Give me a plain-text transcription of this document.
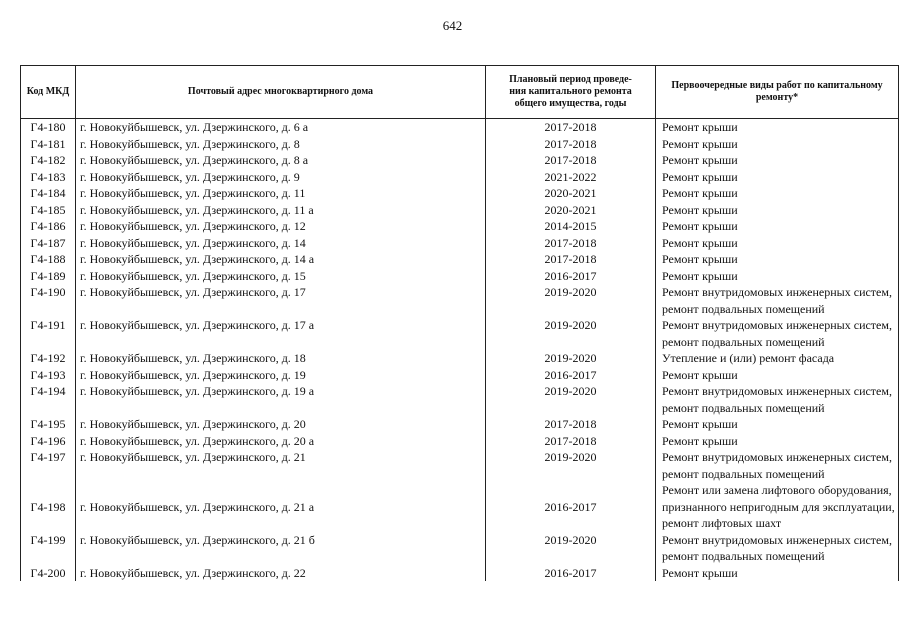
642
Код МКД	Почтовый адрес многоквартирного дома	Плановый период проведе-
ния капитального ремонта
общего имущества, годы	Первоочередные виды работ по капитальному
ремонту*
Г4-180	г. Новокуйбышевск, ул. Дзержинского, д. 6 а	2017-2018	Ремонт крыши

Г4-181	г. Новокуйбышевск, ул. Дзержинского, д. 8	2017-2018	Ремонт крыши

Г4-182	г. Новокуйбышевск, ул. Дзержинского, д. 8 а	2017-2018	Ремонт крыши

Г4-183	г. Новокуйбышевск, ул. Дзержинского, д. 9	2021-2022	Ремонт крыши

Г4-184	г. Новокуйбышевск, ул. Дзержинского, д. 11	2020-2021	Ремонт крыши

Г4-185	г. Новокуйбышевск, ул. Дзержинского, д. 11 а	2020-2021	Ремонт крыши

Г4-186	г. Новокуйбышевск, ул. Дзержинского, д. 12	2014-2015	Ремонт крыши

Г4-187	г. Новокуйбышевск, ул. Дзержинского, д. 14	2017-2018	Ремонт крыши

Г4-188	г. Новокуйбышевск, ул. Дзержинского, д. 14 а	2017-2018	Ремонт крыши

Г4-189	г. Новокуйбышевск, ул. Дзержинского, д. 15	2016-2017	Ремонт крыши

Г4-190	г. Новокуйбышевск, ул. Дзержинского, д. 17	2019-2020	Ремонт внутридомовых инженерных систем,
ремонт подвальных помещений

Г4-191	г. Новокуйбышевск, ул. Дзержинского, д. 17 а	2019-2020	Ремонт внутридомовых инженерных систем,
ремонт подвальных помещений

Г4-192	г. Новокуйбышевск, ул. Дзержинского, д. 18	2019-2020	Утепление и (или) ремонт фасада

Г4-193	г. Новокуйбышевск, ул. Дзержинского, д. 19	2016-2017	Ремонт крыши

Г4-194	г. Новокуйбышевск, ул. Дзержинского, д. 19 а	2019-2020	Ремонт внутридомовых инженерных систем,
ремонт подвальных помещений

Г4-195	г. Новокуйбышевск, ул. Дзержинского, д. 20	2017-2018	Ремонт крыши

Г4-196	г. Новокуйбышевск, ул. Дзержинского, д. 20 а	2017-2018	Ремонт крыши

Г4-197	г. Новокуйбышевск, ул. Дзержинского, д. 21	2019-2020	Ремонт внутридомовых инженерных систем,
ремонт подвальных помещений

Г4-198	г. Новокуйбышевск, ул. Дзержинского, д. 21 а	2016-2017	Ремонт или замена лифтового оборудования,
признанного непригодным для эксплуатации,
ремонт лифтовых шахт

Г4-199	г. Новокуйбышевск, ул. Дзержинского, д. 21 б	2019-2020	Ремонт внутридомовых инженерных систем,
ремонт подвальных помещений

Г4-200	г. Новокуйбышевск, ул. Дзержинского, д. 22	2016-2017	Ремонт крыши
